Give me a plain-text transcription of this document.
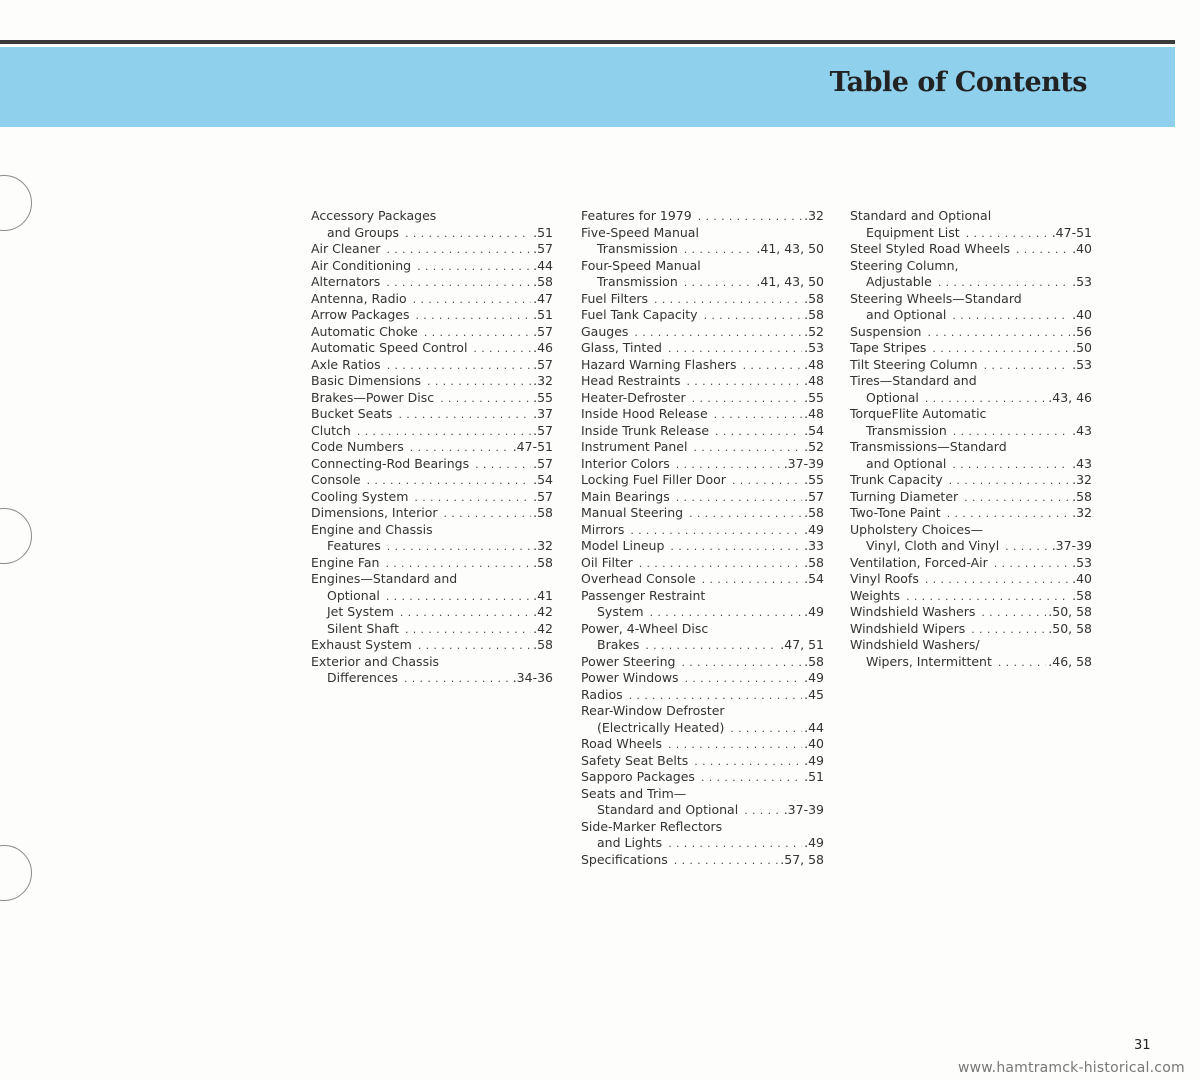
Table of Contents
Accessory Packages
and Groups . . .	.51
Air Cleaner . . .	.57
Air Conditioning . . .	.44
Alternators . . .	.58
Antenna, Radio . . .	.47
Arrow Packages . . .	.51
Automatic Choke . . .	.57
Automatic Speed Control . . .	.46
Axle Ratios . . .	.57
Basic Dimensions . . .	.32
Brakes—Power Disc . . .	.55
Bucket Seats . . .	.37
Clutch . . .	.57
Code Numbers . . .	.47-51
Connecting-Rod Bearings . . .	.57
Console . . .	.54
Cooling System . . .	.57
Dimensions, Interior . . .	.58
Engine and Chassis
Features . . .	.32
Engine Fan . . .	.58
Engines—Standard and
Optional . . .	.41
Jet System . . .	.42
Silent Shaft . . .	.42
Exhaust System . . .	.58
Exterior and Chassis
Differences . . .	.34-36
Features for 1979 . . .	.32
Five-Speed Manual
Transmission . . .	.41, 43, 50
Four-Speed Manual
Transmission . . .	.41, 43, 50
Fuel Filters . . .	.58
Fuel Tank Capacity . . .	.58
Gauges . . .	.52
Glass, Tinted . . .	.53
Hazard Warning Flashers . . .	.48
Head Restraints . . .	.48
Heater-Defroster . . .	.55
Inside Hood Release . . .	.48
Inside Trunk Release . . .	.54
Instrument Panel . . .	.52
Interior Colors . . .	.37-39
Locking Fuel Filler Door . . .	.55
Main Bearings . . .	.57
Manual Steering . . .	.58
Mirrors . . .	.49
Model Lineup . . .	.33
Oil Filter . . .	.58
Overhead Console . . .	.54
Passenger Restraint
System . . .	.49
Power, 4-Wheel Disc
Brakes . . .	.47, 51
Power Steering . . .	.58
Power Windows . . .	.49
Radios . . .	.45
Rear-Window Defroster
(Electrically Heated) . . .	.44
Road Wheels . . .	.40
Safety Seat Belts . . .	.49
Sapporo Packages . . .	.51
Seats and Trim—
Standard and Optional . . .	.37-39
Side-Marker Reflectors
and Lights . . .	.49
Specifications . . .	.57, 58
Standard and Optional
Equipment List . . .	.47-51
Steel Styled Road Wheels . . .	.40
Steering Column,
Adjustable . . .	.53
Steering Wheels—Standard
and Optional . . .	.40
Suspension . . .	.56
Tape Stripes . . .	.50
Tilt Steering Column . . .	.53
Tires—Standard and
Optional . . .	.43, 46
TorqueFlite Automatic
Transmission . . .	.43
Transmissions—Standard
and Optional . . .	.43
Trunk Capacity . . .	.32
Turning Diameter . . .	.58
Two-Tone Paint . . .	.32
Upholstery Choices—
Vinyl, Cloth and Vinyl . . .	.37-39
Ventilation, Forced-Air . . .	.53
Vinyl Roofs . . .	.40
Weights . . .	.58
Windshield Washers . . .	.50, 58
Windshield Wipers . . .	.50, 58
Windshield Washers/
Wipers, Intermittent . . .	.46, 58

31

www.hamtramck-historical.com
